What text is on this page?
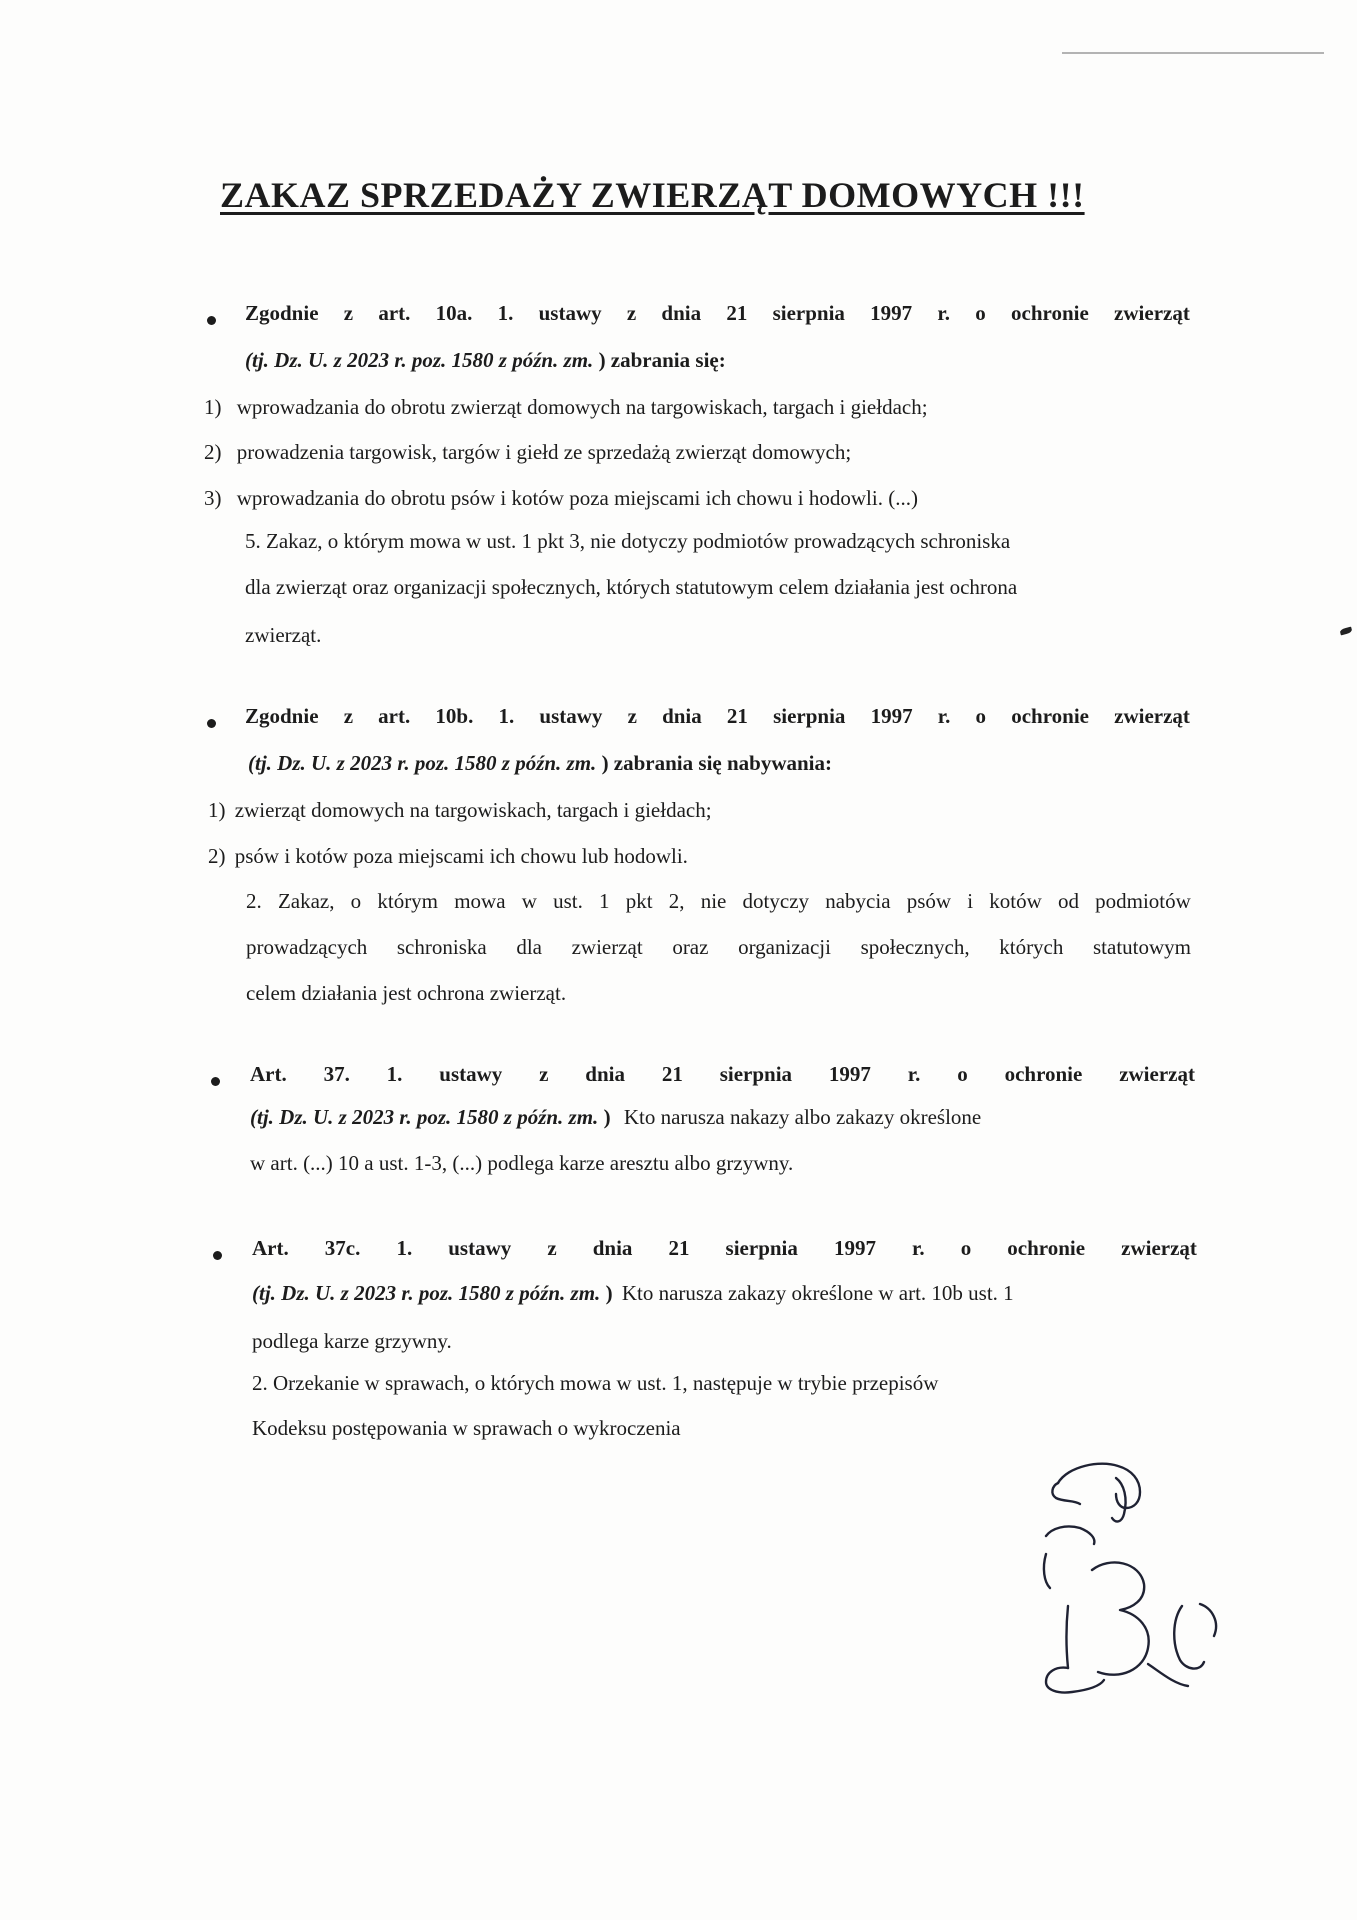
ZAKAZ SPRZEDAŻY ZWIERZĄT DOMOWYCH !!!
Zgodnie z art. 10a. 1. ustawy z dnia 21 sierpnia 1997 r. o ochronie zwierząt
(tj. Dz. U. z 2023 r. poz. 1580 z późn. zm. ) zabrania się:
1) wprowadzania do obrotu zwierząt domowych na targowiskach, targach i giełdach;
2) prowadzenia targowisk, targów i giełd ze sprzedażą zwierząt domowych;
3) wprowadzania do obrotu psów i kotów poza miejscami ich chowu i hodowli. (...)
5. Zakaz, o którym mowa w ust. 1 pkt 3, nie dotyczy podmiotów prowadzących schroniska
dla zwierząt oraz organizacji społecznych, których statutowym celem działania jest ochrona
zwierząt.
Zgodnie z art. 10b. 1. ustawy z dnia 21 sierpnia 1997 r. o ochronie zwierząt
(tj. Dz. U. z 2023 r. poz. 1580 z późn. zm. ) zabrania się nabywania:
1) zwierząt domowych na targowiskach, targach i giełdach;
2) psów i kotów poza miejscami ich chowu lub hodowli.
2. Zakaz, o którym mowa w ust. 1 pkt 2, nie dotyczy nabycia psów i kotów od podmiotów
prowadzących schroniska dla zwierząt oraz organizacji społecznych, których statutowym
celem działania jest ochrona zwierząt.
Art. 37. 1. ustawy z dnia 21 sierpnia 1997 r. o ochronie zwierząt
(tj. Dz. U. z 2023 r. poz. 1580 z późn. zm. ) Kto narusza nakazy albo zakazy określone
w art. (...) 10 a ust. 1-3, (...) podlega karze aresztu albo grzywny.
Art. 37c. 1. ustawy z dnia 21 sierpnia 1997 r. o ochronie zwierząt
(tj. Dz. U. z 2023 r. poz. 1580 z późn. zm. ) Kto narusza zakazy określone w art. 10b ust. 1
podlega karze grzywny.
2. Orzekanie w sprawach, o których mowa w ust. 1, następuje w trybie przepisów
Kodeksu postępowania w sprawach o wykroczenia
